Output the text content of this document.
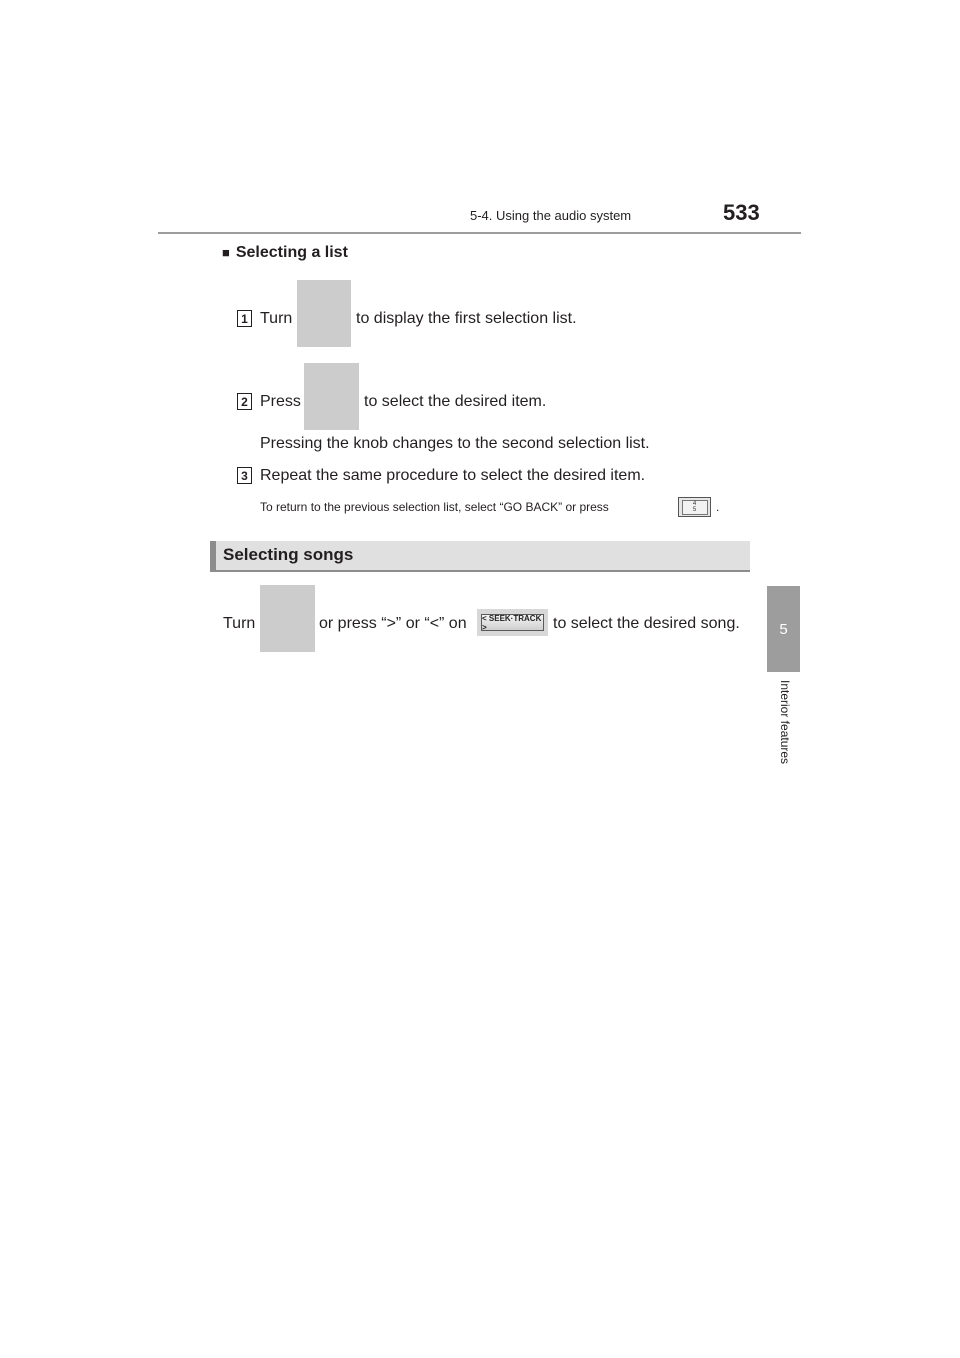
5-4. Using the audio system	533
5
Interior features
■ Selecting a list
1 Turn	to display the first selection list.
2 Press	to select the desired item.
Pressing the knob changes to the second selection list.
3 Repeat the same procedure to select the desired item.
To return to the previous selection list, select “GO BACK” or press	4
5	.
Selecting songs
Turn	or press “>” or “<” on < SEEK·TRACK >	to select the desired song.
